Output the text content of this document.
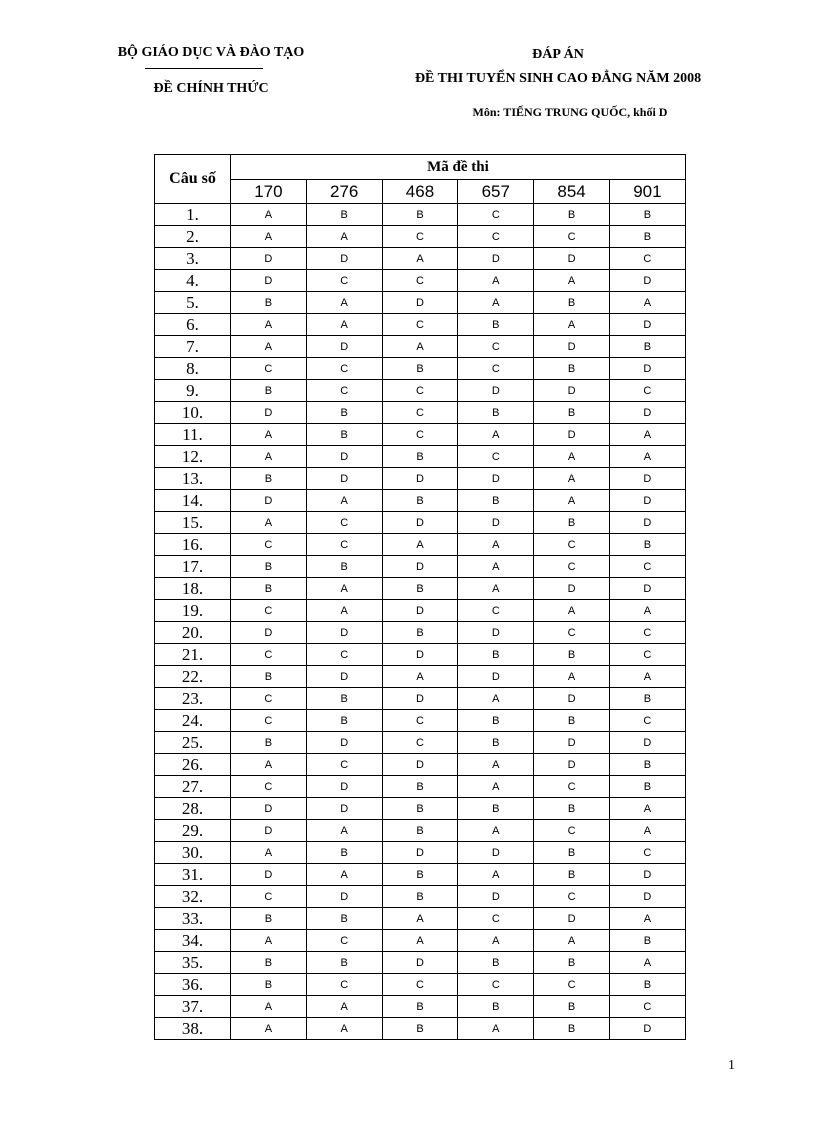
BỘ GIÁO DỤC VÀ ĐÀO TẠO
ĐỀ CHÍNH THỨC
ĐÁP ÁN
ĐỀ THI TUYỂN SINH CAO ĐẲNG NĂM 2008
Môn: TIẾNG TRUNG QUỐC, khối D
Câu số	Mã đề thi					
	170	276	468	657	854	901
1.	A	B	B	C	B	B
2.	A	A	C	C	C	B
3.	D	D	A	D	D	C
4.	D	C	C	A	A	D
5.	B	A	D	A	B	A
6.	A	A	C	B	A	D
7.	A	D	A	C	D	B
8.	C	C	B	C	B	D
9.	B	C	C	D	D	C
10.	D	B	C	B	B	D
11.	A	B	C	A	D	A
12.	A	D	B	C	A	A
13.	B	D	D	D	A	D
14.	D	A	B	B	A	D
15.	A	C	D	D	B	D
16.	C	C	A	A	C	B
17.	B	B	D	A	C	C
18.	B	A	B	A	D	D
19.	C	A	D	C	A	A
20.	D	D	B	D	C	C
21.	C	C	D	B	B	C
22.	B	D	A	D	A	A
23.	C	B	D	A	D	B
24.	C	B	C	B	B	C
25.	B	D	C	B	D	D
26.	A	C	D	A	D	B
27.	C	D	B	A	C	B
28.	D	D	B	B	B	A
29.	D	A	B	A	C	A
30.	A	B	D	D	B	C
31.	D	A	B	A	B	D
32.	C	D	B	D	C	D
33.	B	B	A	C	D	A
34.	A	C	A	A	A	B
35.	B	B	D	B	B	A
36.	B	C	C	C	C	B
37.	A	A	B	B	B	C
38.	A	A	B	A	B	D
1
